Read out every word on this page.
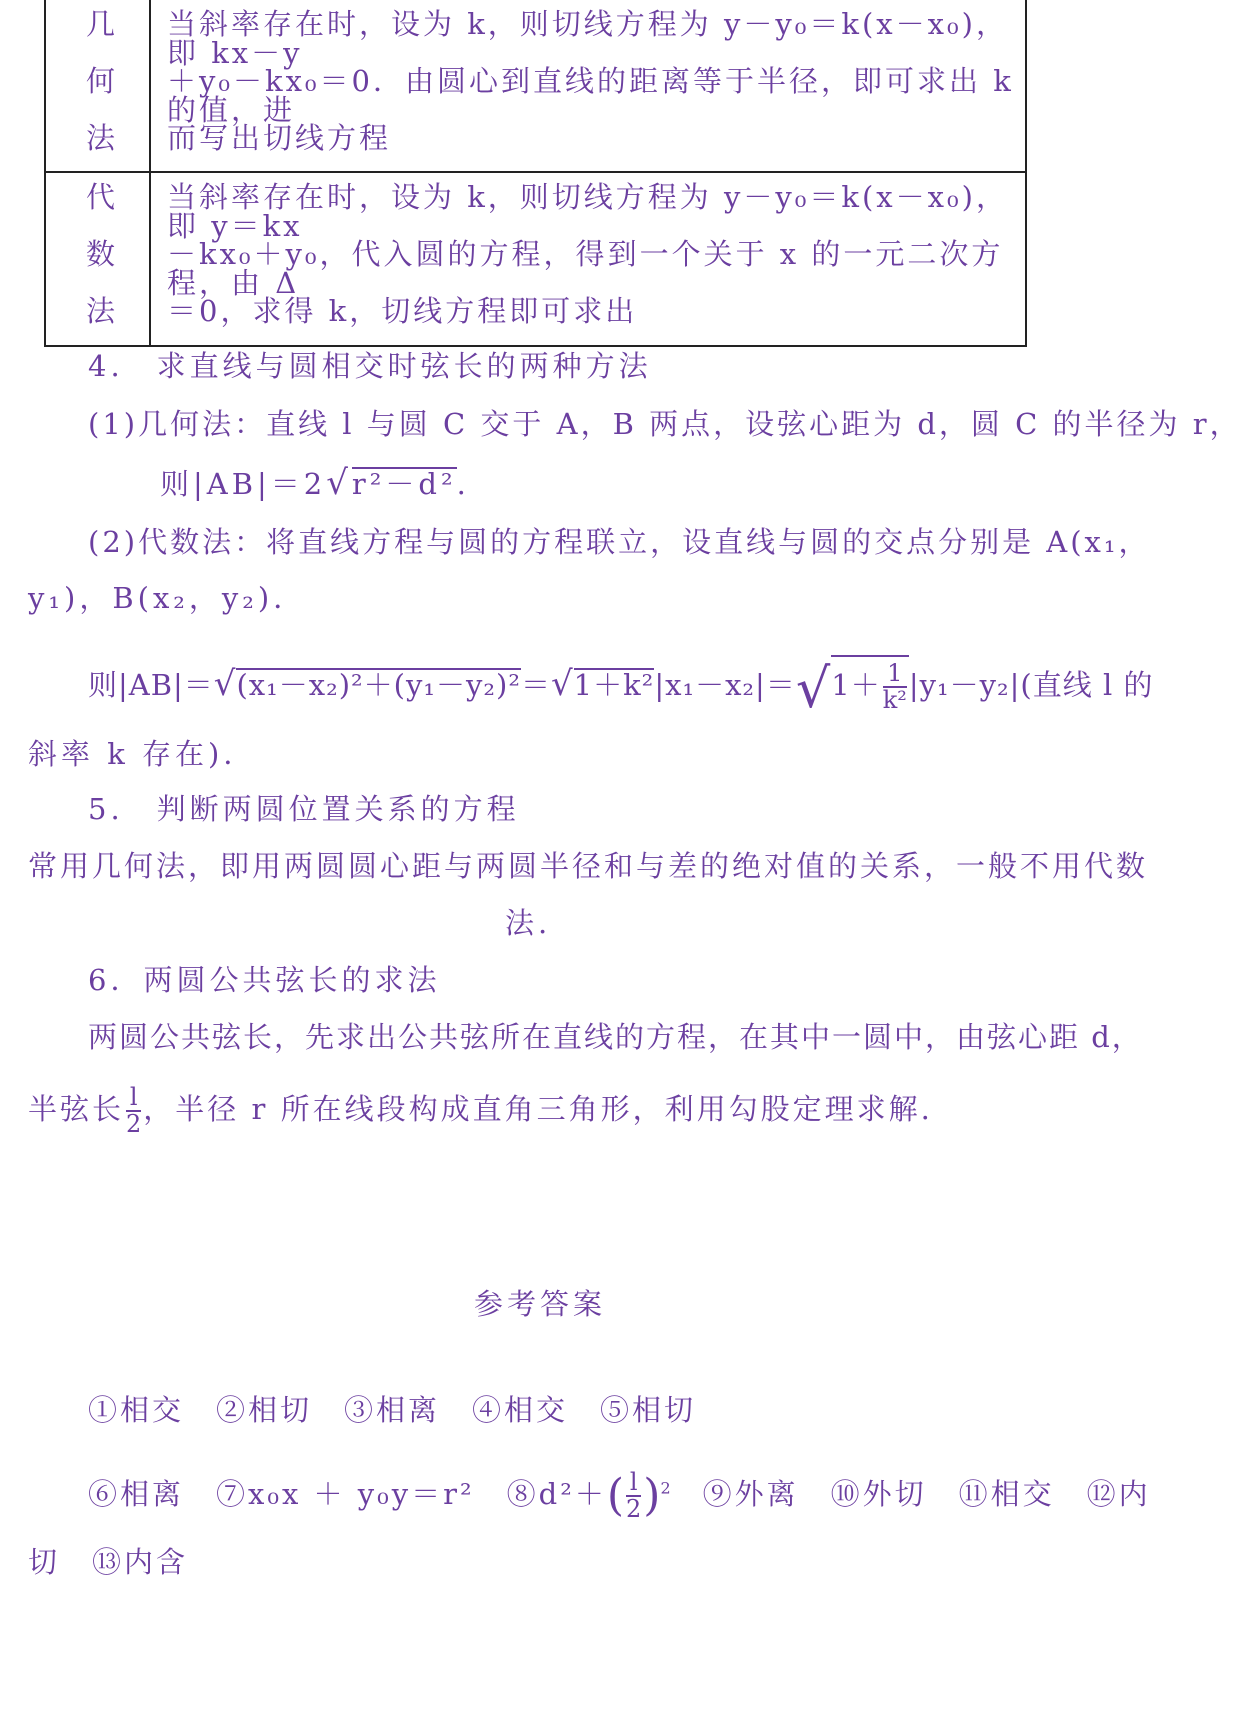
几
何
法
当斜率存在时，设为 k，则切线方程为 y－y₀＝k(x－x₀)，即 kx－y
＋y₀－kx₀＝0．由圆心到直线的距离等于半径，即可求出 k 的值，进
而写出切线方程
代
数
法
当斜率存在时，设为 k，则切线方程为 y－y₀＝k(x－x₀)，即 y＝kx
－kx₀＋y₀，代入圆的方程，得到一个关于 x 的一元二次方程，由 Δ
＝0，求得 k，切线方程即可求出
4.　求直线与圆相交时弦长的两种方法
(1)几何法：直线 l 与圆 C 交于 A，B 两点，设弦心距为 d，圆 C 的半径为 r，
则|AB|＝2√r²－d².
(2)代数法：将直线方程与圆的方程联立，设直线与圆的交点分别是 A(x₁，
y₁)，B(x₂，y₂)．
则$|AB|=√(x_1-x_2)^2+(y_1-y_2)^2=√1+k^2|x_1-x_2|=√1+ \frac{1}{\text{k²}} |y_1-y_2|$(直线 l 的
斜率 k 存在)．
5.　判断两圆位置关系的方程
常用几何法，即用两圆圆心距与两圆半径和与差的绝对值的关系，一般不用代数
法.
6．两圆公共弦长的求法
两圆公共弦长，先求出公共弦所在直线的方程，在其中一圆中，由弦心距 d，
半弦长 $\frac{l}{2}$ ，半径 r 所在线段构成直角三角形，利用勾股定理求解.
参考答案
①相交　②相切　③相离　④相交　⑤相切
⑥相离　⑦x₀x ＋ y₀y＝r²　⑧d²＋( $\frac{l}{2} )^2$　⑨外离　⑩外切　⑪相交　⑫内
切　⑬内含
